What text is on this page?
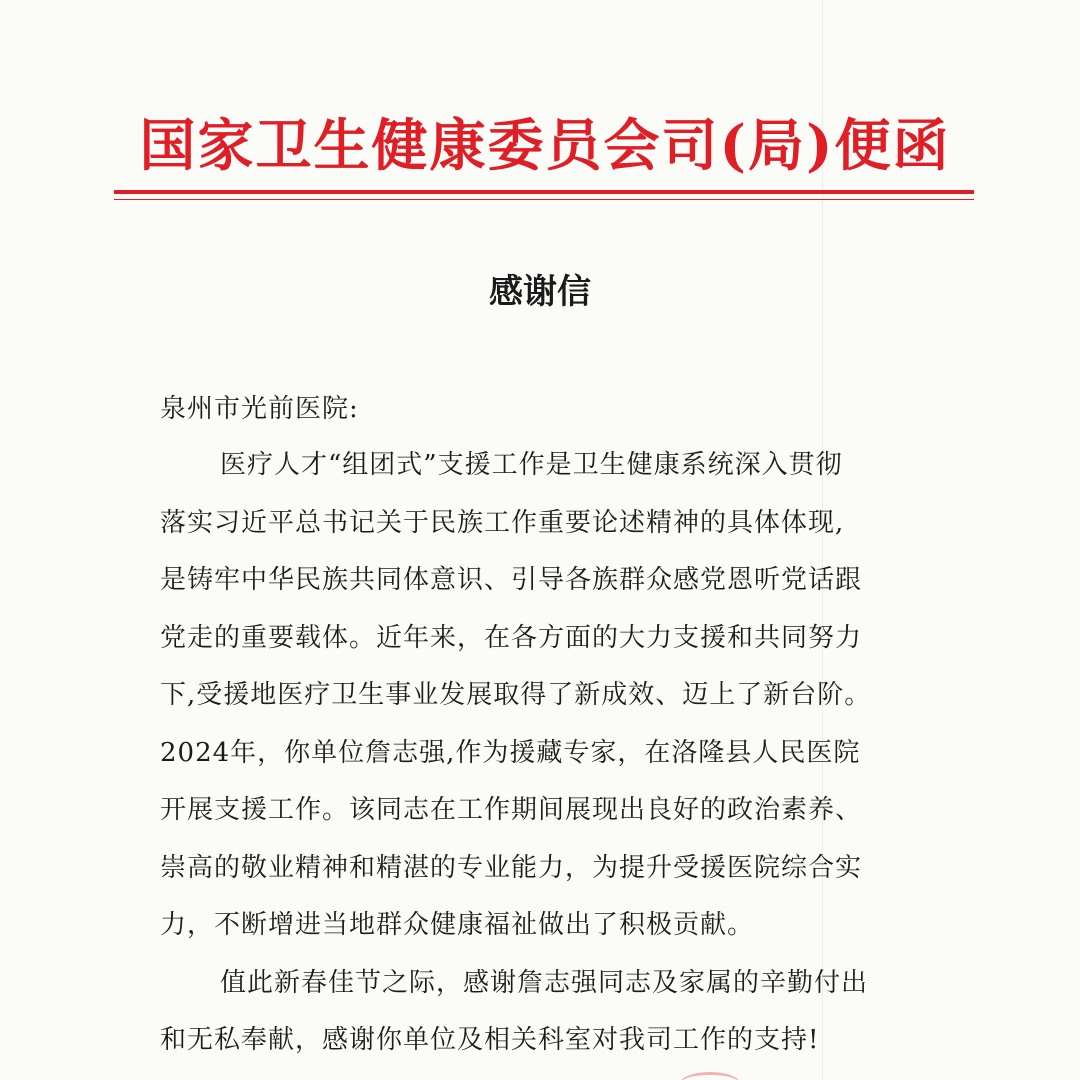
国家卫生健康委员会司(局)便函
感谢信

泉州市光前医院:

医疗人才“组团式”支援工作是卫生健康系统深入贯彻
落实习近平总书记关于民族工作重要论述精神的具体体现,
是铸牢中华民族共同体意识、引导各族群众感党恩听党话跟
党走的重要载体。近年来，在各方面的大力支援和共同努力
下,受援地医疗卫生事业发展取得了新成效、迈上了新台阶。
2024年，你单位詹志强,作为援藏专家，在洛隆县人民医院
开展支援工作。该同志在工作期间展现出良好的政治素养、
崇高的敬业精神和精湛的专业能力，为提升受援医院综合实
力，不断增进当地群众健康福祉做出了积极贡献。

值此新春佳节之际，感谢詹志强同志及家属的辛勤付出
和无私奉献，感谢你单位及相关科室对我司工作的支持!
